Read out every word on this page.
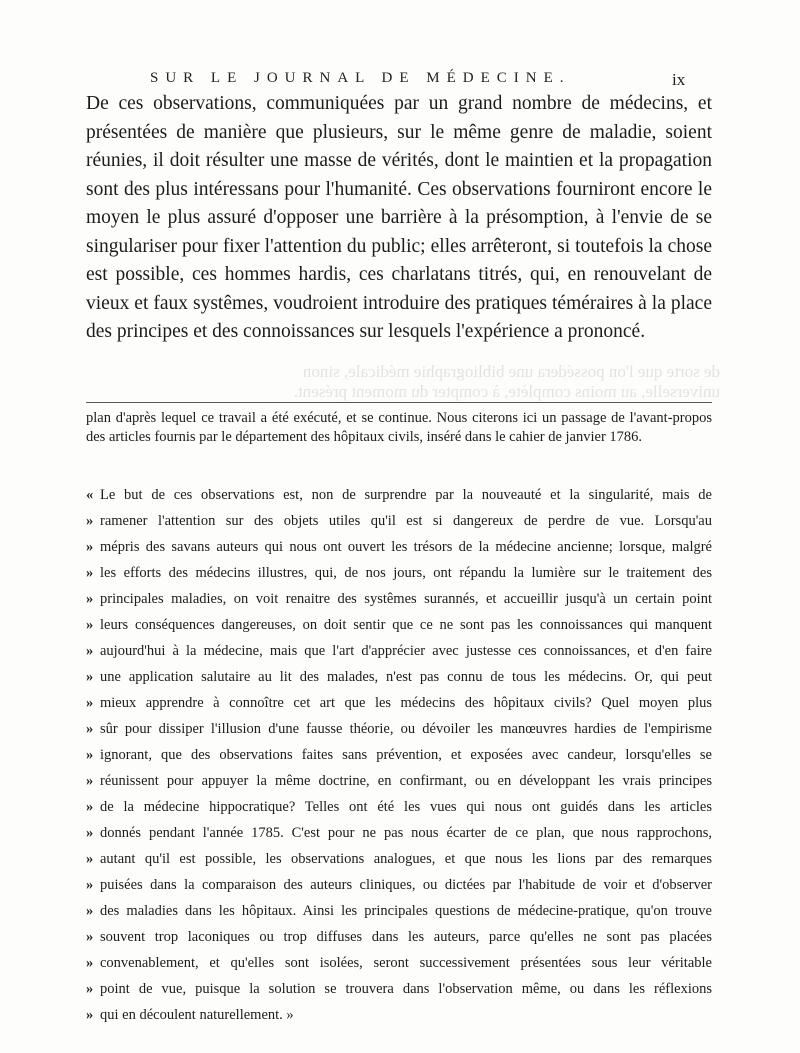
SUR LE JOURNAL DE MÉDECINE.	ix

De ces observations, communiquées par un grand nombre de médecins, et présentées de manière que plusieurs, sur le même genre de maladie, soient réunies, il doit résulter une masse de vérités, dont le maintien et la propagation sont des plus intéressans pour l'humanité. Ces observations fourniront encore le moyen le plus assuré d'opposer une barrière à la présomption, à l'envie de se singulariser pour fixer l'attention du public; elles arrêteront, si toutefois la chose est possible, ces hommes hardis, ces charlatans titrés, qui, en renouvelant de vieux et faux systêmes, voudroient introduire des pratiques téméraires à la place des principes et des connoissances sur lesquels l'expérience a prononcé.

de sorte que l'on possédera une bibliographie médicale, sinon universelle, au moins complète, à compter du moment présent.

plan d'après lequel ce travail a été exécuté, et se continue. Nous citerons ici un passage de l'avant-propos des articles fournis par le département des hôpitaux civils, inséré dans le cahier de janvier 1786.

« Le but de ces observations est, non de surprendre par la nouveauté et la singularité, mais de
» ramener l'attention sur des objets utiles qu'il est si dangereux de perdre de vue. Lorsqu'au
» mépris des savans auteurs qui nous ont ouvert les trésors de la médecine ancienne; lorsque, malgré
» les efforts des médecins illustres, qui, de nos jours, ont répandu la lumière sur le traitement des
» principales maladies, on voit renaitre des systêmes surannés, et accueillir jusqu'à un certain point
» leurs conséquences dangereuses, on doit sentir que ce ne sont pas les connoissances qui manquent
» aujourd'hui à la médecine, mais que l'art d'apprécier avec justesse ces connoissances, et d'en faire
» une application salutaire au lit des malades, n'est pas connu de tous les médecins. Or, qui peut
» mieux apprendre à connoître cet art que les médecins des hôpitaux civils? Quel moyen plus
» sûr pour dissiper l'illusion d'une fausse théorie, ou dévoiler les manœuvres hardies de l'empirisme
» ignorant, que des observations faites sans prévention, et exposées avec candeur, lorsqu'elles se
» réunissent pour appuyer la même doctrine, en confirmant, ou en développant les vrais principes
» de la médecine hippocratique? Telles ont été les vues qui nous ont guidés dans les articles
» donnés pendant l'année 1785. C'est pour ne pas nous écarter de ce plan, que nous rapprochons,
» autant qu'il est possible, les observations analogues, et que nous les lions par des remarques
» puisées dans la comparaison des auteurs cliniques, ou dictées par l'habitude de voir et d'observer
» des maladies dans les hôpitaux. Ainsi les principales questions de médecine-pratique, qu'on trouve
» souvent trop laconiques ou trop diffuses dans les auteurs, parce qu'elles ne sont pas placées
» convenablement, et qu'elles sont isolées, seront successivement présentées sous leur véritable
» point de vue, puisque la solution se trouvera dans l'observation même, ou dans les réflexions
» qui en découlent naturellement. »
